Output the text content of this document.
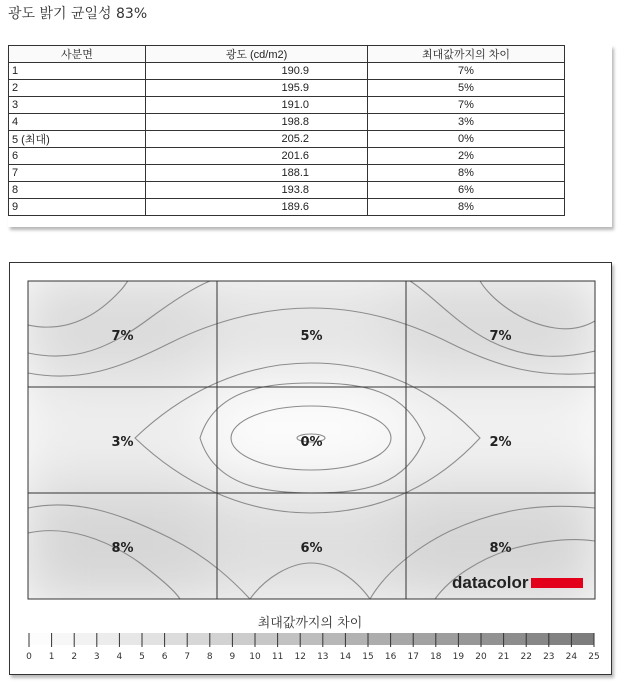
광도 밝기 균일성 83%
사분면	광도 (cd/m2)	최대값까지의 차이
1	190.9	7%
2	195.9	5%
3	191.0	7%
4	198.8	3%
5 (최대)	205.2	0%
6	201.6	2%
7	188.1	8%
8	193.8	6%
9	189.6	8%
7%	5%	7%
3%	0%	2%
8%	6%	8%
datacolor
최대값까지의 차이
0 1 2 3 4 5 6 7 8 9 10 11 12 13 14 15 16 17 18 19 20 21 22 23 24 25
